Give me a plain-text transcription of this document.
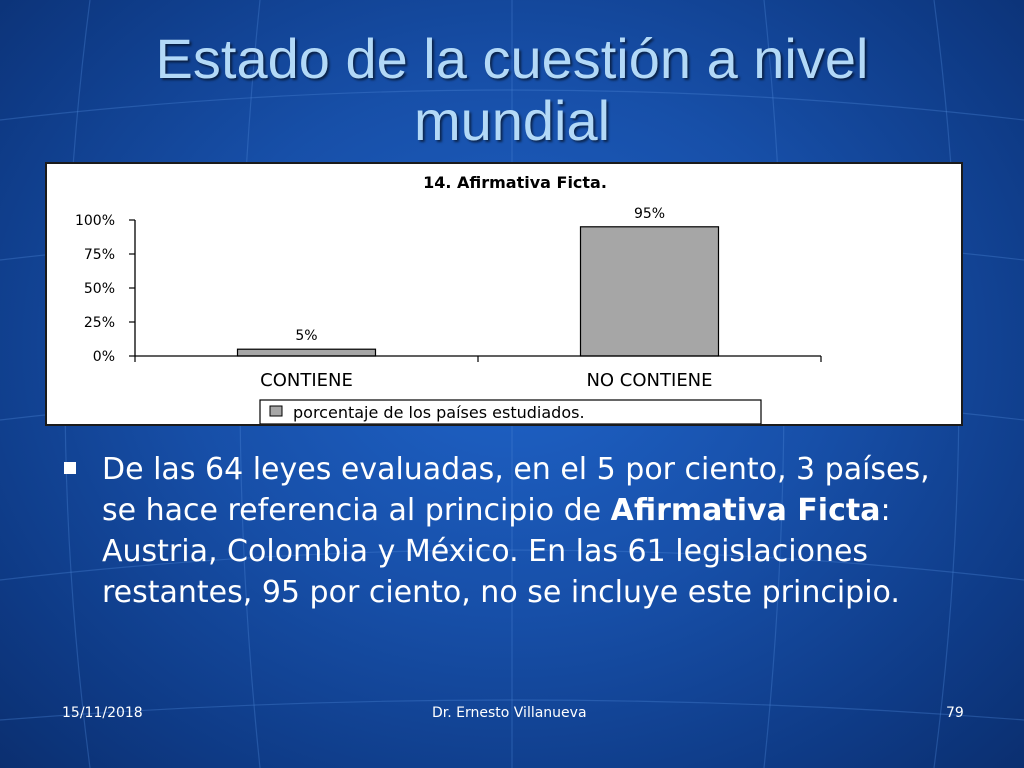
Estado de la cuestión a nivel mundial
14. Afirmativa Ficta.
0%
25%
50%
75%
100%
5%
95%
CONTIENE	NO CONTIENE
porcentaje de los países estudiados.
De las 64 leyes evaluadas, en el 5 por ciento, 3 países, se hace referencia al principio de Afirmativa Ficta: Austria, Colombia y México. En las 61 legislaciones restantes, 95 por ciento, no se incluye este principio.
15/11/2018	Dr. Ernesto Villanueva	79
